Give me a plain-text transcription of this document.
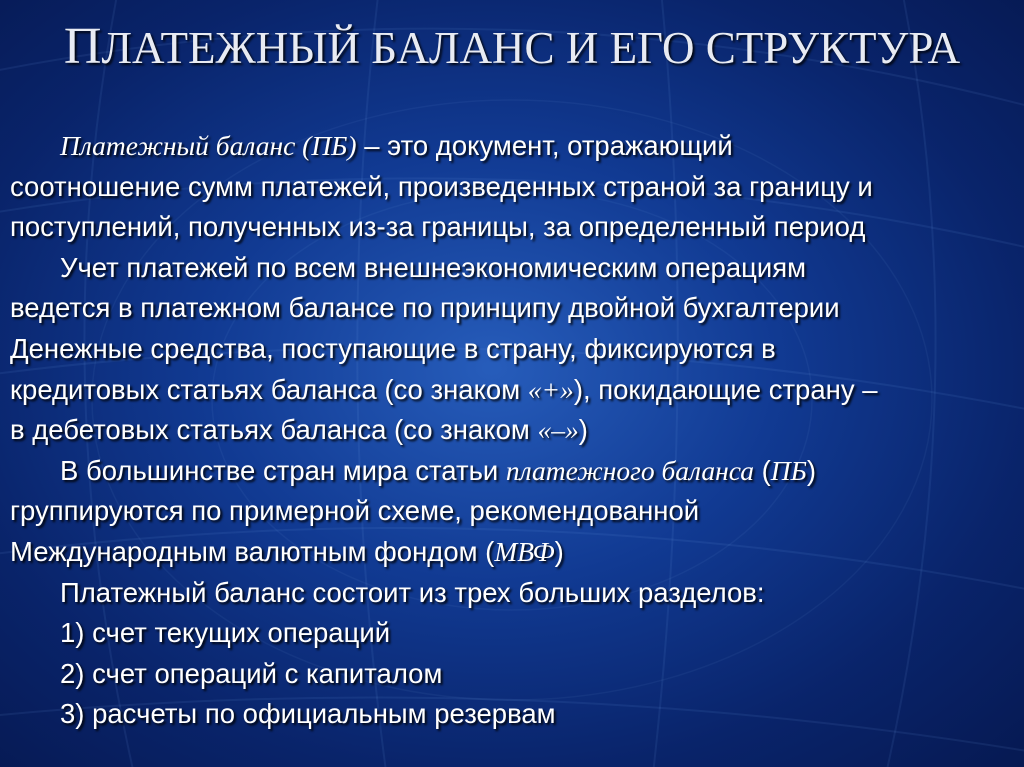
ПЛАТЕЖНЫЙ БАЛАНС И ЕГО СТРУКТУРА
Платежный баланс (ПБ) – это документ, отражающий
соотношение сумм платежей, произведенных страной за границу и
поступлений, полученных из-за границы, за определенный период
Учет платежей по всем внешнеэкономическим операциям
ведется в платежном балансе по принципу двойной бухгалтерии
Денежные средства, поступающие в страну, фиксируются в
кредитовых статьях баланса (со знаком «+»), покидающие страну –
в дебетовых статьях баланса (со знаком «–»)
В большинстве стран мира статьи платежного баланса (ПБ)
группируются по примерной схеме, рекомендованной
Международным валютным фондом (МВФ)
Платежный баланс состоит из трех больших разделов:
1) счет текущих операций
2) счет операций с капиталом
3) расчеты по официальным резервам
